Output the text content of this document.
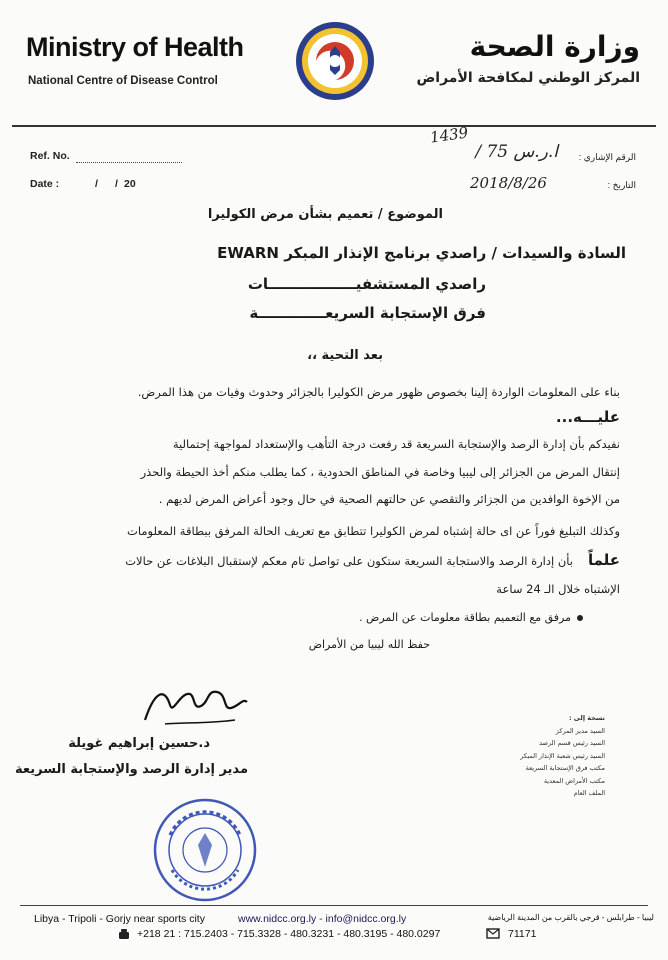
Ministry of Health
National Centre of Disease Control
وزارة الصحة
المركز الوطني لمكافحة الأمراض
Ref. No.
Date :	/ / 20
1439
الرقم الإشاري :
ا.ر.س 75 /
التاريخ :
2018/8/26
الموضوع / تعميم بشأن مرض الكوليرا
السادة والسيدات / راصدي برنامج الإنذار المبكر EWARN
راصدي المستشفيـــــــــــــــــات
فرق الإستجابة السريعـــــــــــــة
بعد التحية ،،
بناء على المعلومات الواردة إلينا بخصوص ظهور مرض الكوليرا بالجزائر وحدوث وفيات من هذا المرض.
عليـــه...
نفيدكم بأن إدارة الرصد والإستجابة السريعة قد رفعت درجة التأهب والإستعداد لمواجهة إحتمالية
إنتقال المرض من الجزائر إلى ليبيا وخاصة في المناطق الحدودية ، كما يطلب منكم أخذ الحيطة والحذر
من الإخوة الوافدين من الجزائر والتقصي عن حالتهم الصحية في حال وجود أعراض المرض لديهم .
وكذلك التبليغ فوراً عن اى حالة إشتباه لمرض الكوليرا تتطابق مع تعريف الحالة المرفق ببطاقة المعلومات
علماً
بأن إدارة الرصد والاستجابة السريعة ستكون على تواصل تام معكم لإستقبال البلاغات عن حالات
الإشتباه خلال الـ 24 ساعة
مرفق مع التعميم بطاقة معلومات عن المرض .
حفظ الله ليبيا من الأمراض
د.حسين إبراهيم غويلة
مدير إدارة الرصد والإستجابة السريعة
نسخة إلى :
السيد مدير المركز
السيد رئيس قسم الرصد
السيد رئيس شعبة الإنذار المبكر
مكتب فرق الإستجابة السريعة
مكتب الأمراض المعدية
الملف العام
Libya - Tripoli - Gorjy near sports city	www.nidcc.org.ly - info@nidcc.org.ly	ليبيا - طرابلس - قرجي بالقرب من المدينة الرياضية
+218 21 : 715.2403 - 715.3328 - 480.3231 - 480.3195 - 480.0297	71171
